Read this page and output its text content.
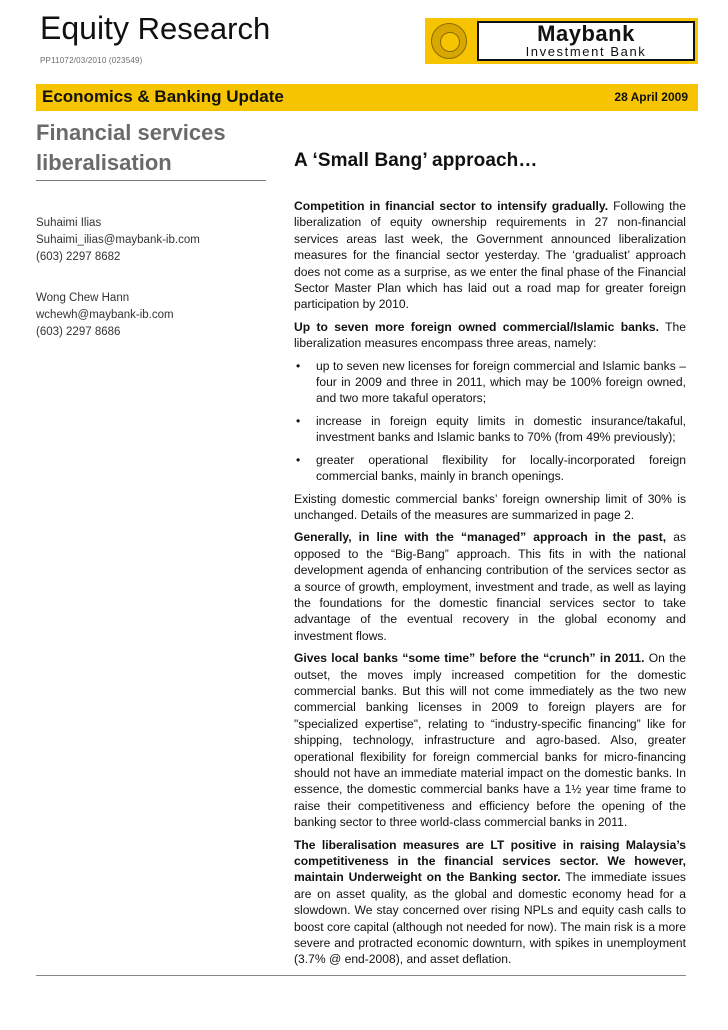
Equity Research
PP11072/03/2010 (023549)
Maybank
Investment Bank
Economics & Banking Update	28 April 2009
Financial services liberalisation
Suhaimi Ilias
Suhaimi_ilias@maybank-ib.com
(603) 2297 8682
Wong Chew Hann
wchewh@maybank-ib.com
(603) 2297 8686
A ‘Small Bang’ approach…

Competition in financial sector to intensify gradually. Following the liberalization of equity ownership requirements in 27 non-financial services areas last week, the Government announced liberalization measures for the financial sector yesterday. The ‘gradualist’ approach does not come as a surprise, as we enter the final phase of the Financial Sector Master Plan which has laid out a road map for greater foreign participation by 2010.

Up to seven more foreign owned commercial/Islamic banks. The liberalization measures encompass three areas, namely:

• up to seven new licenses for foreign commercial and Islamic banks – four in 2009 and three in 2011, which may be 100% foreign owned, and two more takaful operators;
• increase in foreign equity limits in domestic insurance/takaful, investment banks and Islamic banks to 70% (from 49% previously);
• greater operational flexibility for locally-incorporated foreign commercial banks, mainly in branch openings.

Existing domestic commercial banks’ foreign ownership limit of 30% is unchanged. Details of the measures are summarized in page 2.

Generally, in line with the “managed” approach in the past, as opposed to the “Big-Bang” approach. This fits in with the national development agenda of enhancing contribution of the services sector as a source of growth, employment, investment and trade, as well as laying the foundations for the domestic financial services sector to take advantage of the eventual recovery in the global economy and investment flows.

Gives local banks “some time” before the “crunch” in 2011. On the outset, the moves imply increased competition for the domestic commercial banks. But this will not come immediately as the two new commercial banking licenses in 2009 to foreign players are for "specialized expertise", relating to “industry-specific financing” like for shipping, technology, infrastructure and agro-based. Also, greater operational flexibility for foreign commercial banks for micro-financing should not have an immediate material impact on the domestic banks. In essence, the domestic commercial banks have a 1½ year time frame to raise their competitiveness and efficiency before the opening of the banking sector to three world-class commercial banks in 2011.

The liberalisation measures are LT positive in raising Malaysia’s competitiveness in the financial services sector. We however, maintain Underweight on the Banking sector. The immediate issues are on asset quality, as the global and domestic economy head for a slowdown. We stay concerned over rising NPLs and equity cash calls to boost core capital (although not needed for now). The main risk is a more severe and protracted economic downturn, with spikes in unemployment (3.7% @ end-2008), and asset deflation.
